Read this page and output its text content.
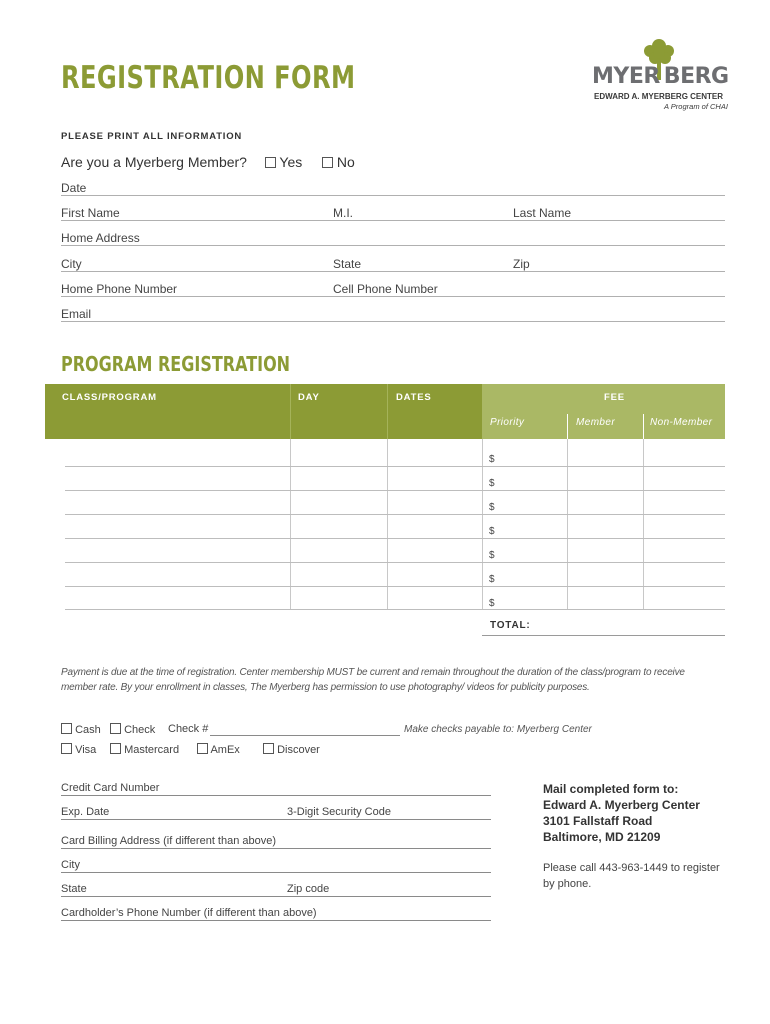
REGISTRATION FORM
PLEASE PRINT ALL INFORMATION
MYER BERG
EDWARD A. MYERBERG CENTER
A Program of CHAI
Are you a Myerberg Member? Yes No
Date
First Name	M.I.	Last Name
Home Address
City	State	Zip
Home Phone Number	Cell Phone Number
Email
PROGRAM REGISTRATION
CLASS/PROGRAM	DAY	DATES	FEE
Priority	Member	Non-Member
$
$
$
$
$
$
$
TOTAL:
Payment is due at the time of registration. Center membership MUST be current and remain throughout the duration of the class/program to receive member rate. By your enrollment in classes, The Myerberg has permission to use photography/ videos for publicity purposes.
Cash	Check Check #	Make checks payable to: Myerberg Center
Visa	Mastercard	AmEx	Discover
Credit Card Number
Exp. Date	3-Digit Security Code
Card Billing Address (if different than above)
City
State	Zip code
Cardholder’s Phone Number (if different than above)
Mail completed form to:
Edward A. Myerberg Center
3101 Fallstaff Road
Baltimore, MD 21209
Please call 443-963-1449 to register by phone.
